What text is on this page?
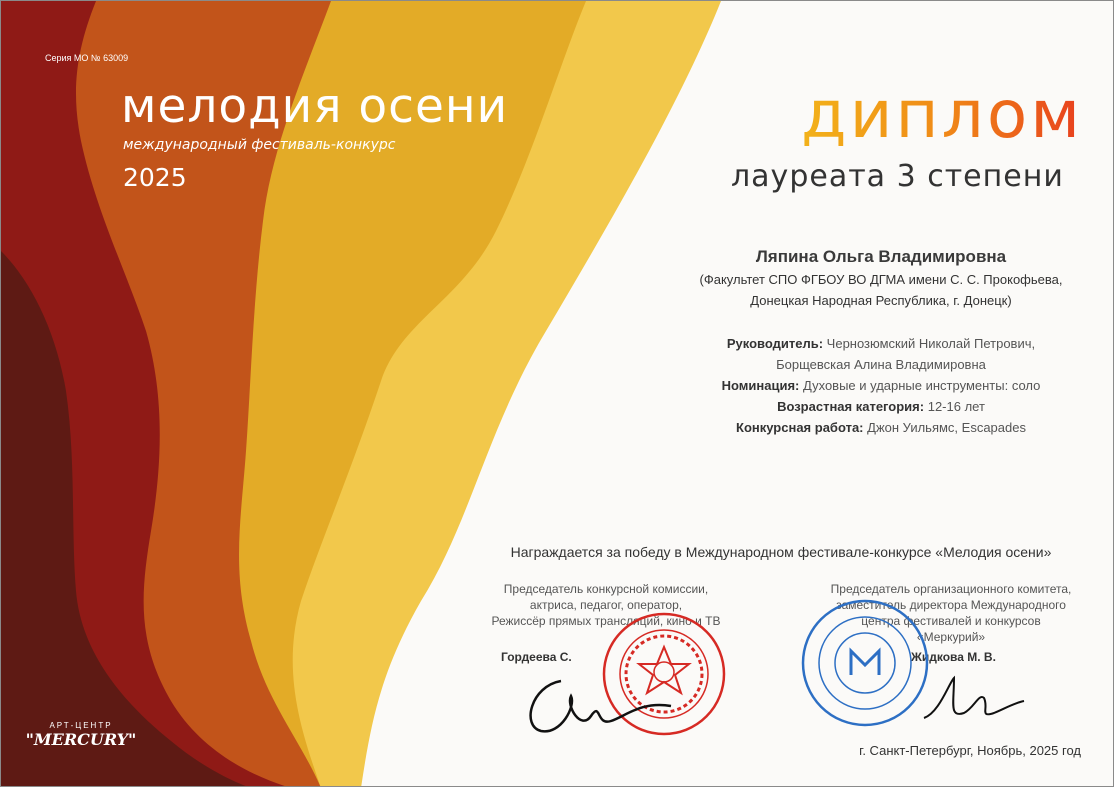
Серия МО № 63009

мелодия осени

международный фестиваль-конкурс

2025

диплом

лауреата 3 степени

Ляпина Ольга Владимировна

(Факультет СПО ФГБОУ ВО ДГМА имени С. С. Прокофьева,
Донецкая Народная Республика, г. Донецк)
Руководитель: Чернозюмский Николай Петрович,
Борщевская Алина Владимировна
Номинация: Духовые и ударные инструменты: соло
Возрастная категория: 12-16 лет
Конкурсная работа: Джон Уильямс, Escapades

Награждается за победу в Международном фестивале-конкурсе «Мелодия осени»

Председатель конкурсной комиссии,
актриса, педагог, оператор,
Режиссёр прямых трансляций, кино и ТВ
Гордеева С.
Председатель организационного комитета,
заместитель директора Международного
центра фестивалей и конкурсов
«Меркурий»
Жидкова М. В.

г. Санкт-Петербург, Ноябрь, 2025 год

АРТ-ЦЕНТР
"MERCURY"
